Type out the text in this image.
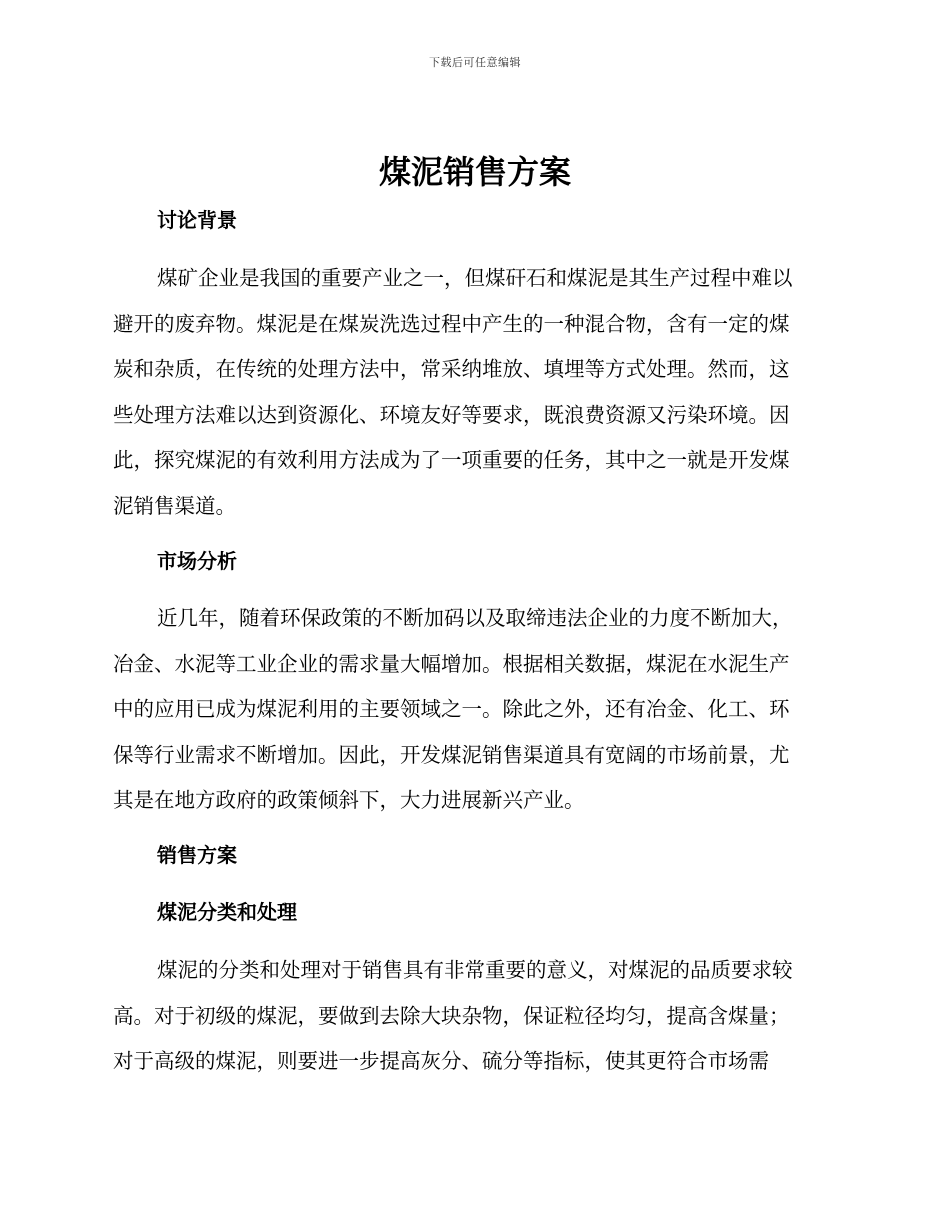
下载后可任意编辑
煤泥销售方案
讨论背景
煤矿企业是我国的重要产业之一，但煤矸石和煤泥是其生产过程中难以
避开的废弃物。煤泥是在煤炭洗选过程中产生的一种混合物，含有一定的煤
炭和杂质，在传统的处理方法中，常采纳堆放、填埋等方式处理。然而，这
些处理方法难以达到资源化、环境友好等要求，既浪费资源又污染环境。因
此，探究煤泥的有效利用方法成为了一项重要的任务，其中之一就是开发煤
泥销售渠道。
市场分析
近几年，随着环保政策的不断加码以及取缔违法企业的力度不断加大，
冶金、水泥等工业企业的需求量大幅增加。根据相关数据，煤泥在水泥生产
中的应用已成为煤泥利用的主要领域之一。除此之外，还有冶金、化工、环
保等行业需求不断增加。因此，开发煤泥销售渠道具有宽阔的市场前景，尤
其是在地方政府的政策倾斜下，大力进展新兴产业。
销售方案
煤泥分类和处理
煤泥的分类和处理对于销售具有非常重要的意义，对煤泥的品质要求较
高。对于初级的煤泥，要做到去除大块杂物，保证粒径均匀，提高含煤量；
对于高级的煤泥，则要进一步提高灰分、硫分等指标，使其更符合市场需
